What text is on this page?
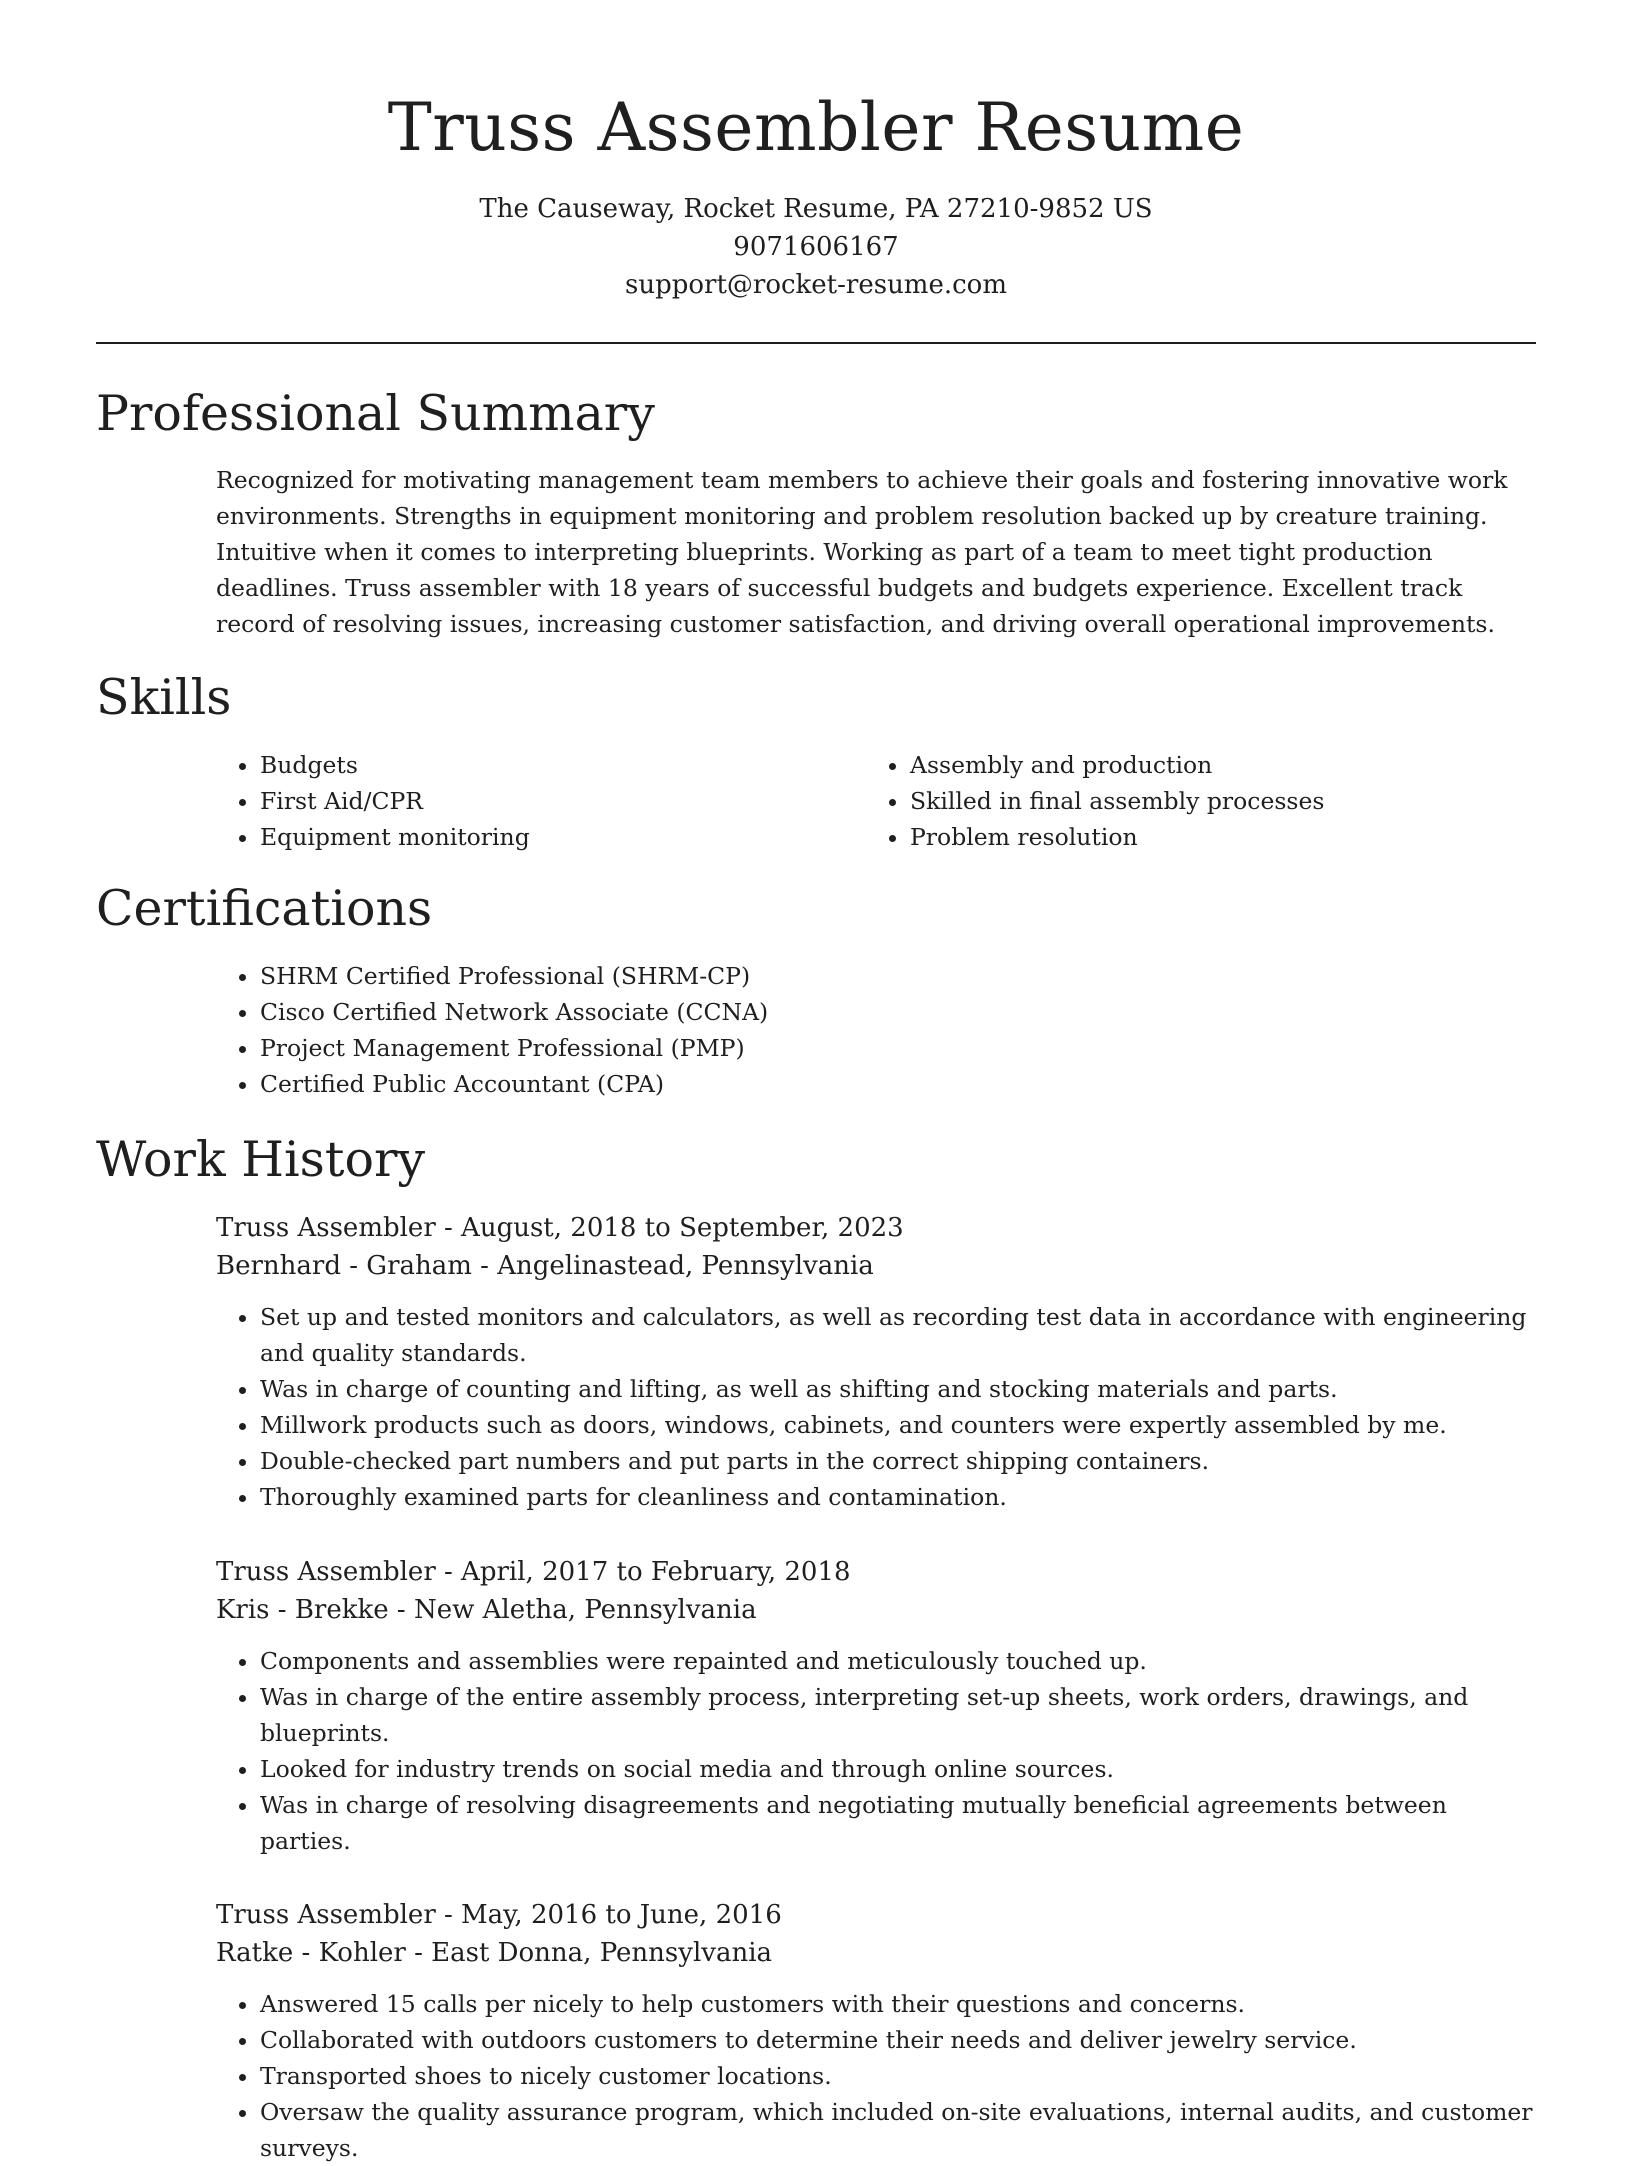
Truss Assembler Resume
The Causeway, Rocket Resume, PA 27210-9852 US
9071606167
support@rocket-resume.com
Professional Summary

Recognized for motivating management team members to achieve their goals and fostering innovative work environments. Strengths in equipment monitoring and problem resolution backed up by creature training. Intuitive when it comes to interpreting blueprints. Working as part of a team to meet tight production deadlines. Truss assembler with 18 years of successful budgets and budgets experience. Excellent track record of resolving issues, increasing customer satisfaction, and driving overall operational improvements.

Skills
• Budgets
• First Aid/CPR
• Equipment monitoring
• Assembly and production
• Skilled in final assembly processes
• Problem resolution
Certifications
• SHRM Certified Professional (SHRM-CP)
• Cisco Certified Network Associate (CCNA)
• Project Management Professional (PMP)
• Certified Public Accountant (CPA)
Work History
Truss Assembler - August, 2018 to September, 2023
Bernhard - Graham - Angelinastead, Pennsylvania
• Set up and tested monitors and calculators, as well as recording test data in accordance with engineering and quality standards.
• Was in charge of counting and lifting, as well as shifting and stocking materials and parts.
• Millwork products such as doors, windows, cabinets, and counters were expertly assembled by me.
• Double-checked part numbers and put parts in the correct shipping containers.
• Thoroughly examined parts for cleanliness and contamination.
Truss Assembler - April, 2017 to February, 2018
Kris - Brekke - New Aletha, Pennsylvania
• Components and assemblies were repainted and meticulously touched up.
• Was in charge of the entire assembly process, interpreting set-up sheets, work orders, drawings, and blueprints.
• Looked for industry trends on social media and through online sources.
• Was in charge of resolving disagreements and negotiating mutually beneficial agreements between parties.
Truss Assembler - May, 2016 to June, 2016
Ratke - Kohler - East Donna, Pennsylvania
• Answered 15 calls per nicely to help customers with their questions and concerns.
• Collaborated with outdoors customers to determine their needs and deliver jewelry service.
• Transported shoes to nicely customer locations.
• Oversaw the quality assurance program, which included on-site evaluations, internal audits, and customer surveys.
